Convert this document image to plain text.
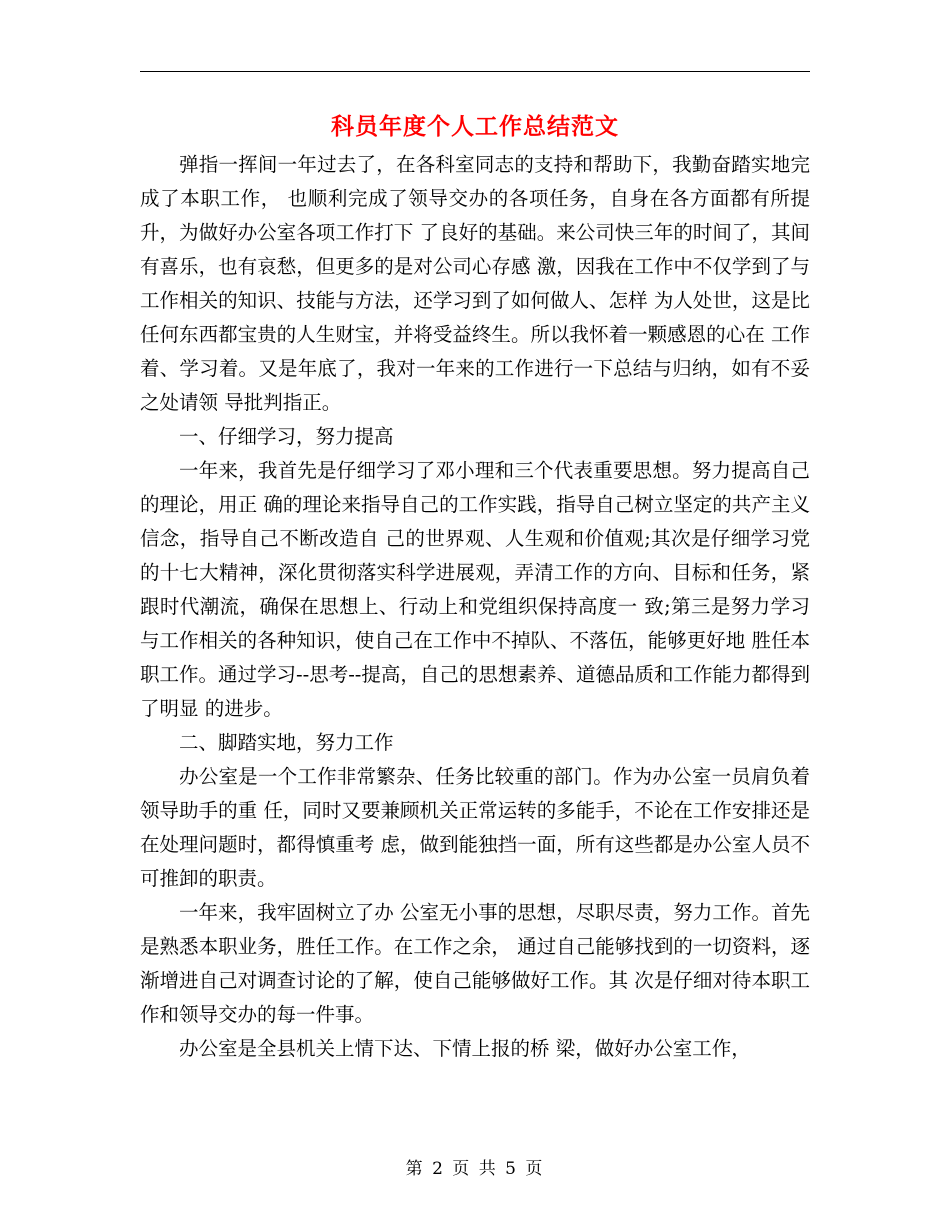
科员年度个人工作总结范文

弹指一挥间一年过去了，在各科室同志的支持和帮助下，我勤奋踏实地完成了本职工作， 也顺利完成了领导交办的各项任务，自身在各方面都有所提升，为做好办公室各项工作打下 了良好的基础。来公司快三年的时间了，其间有喜乐，也有哀愁，但更多的是对公司心存感 激，因我在工作中不仅学到了与工作相关的知识、技能与方法，还学习到了如何做人、怎样 为人处世，这是比任何东西都宝贵的人生财宝，并将受益终生。所以我怀着一颗感恩的心在 工作着、学习着。又是年底了，我对一年来的工作进行一下总结与归纳，如有不妥之处请领 导批判指正。

一、仔细学习，努力提高

一年来，我首先是仔细学习了邓小理和三个代表重要思想。努力提高自己的理论，用正 确的理论来指导自己的工作实践，指导自己树立坚定的共产主义信念，指导自己不断改造自 己的世界观、人生观和价值观;其次是仔细学习党的十七大精神，深化贯彻落实科学进展观，弄清工作的方向、目标和任务，紧跟时代潮流，确保在思想上、行动上和党组织保持高度一 致;第三是努力学习与工作相关的各种知识，使自己在工作中不掉队、不落伍，能够更好地 胜任本职工作。通过学习--思考--提高，自己的思想素养、道德品质和工作能力都得到了明显 的进步。

二、脚踏实地，努力工作

办公室是一个工作非常繁杂、任务比较重的部门。作为办公室一员肩负着领导助手的重 任，同时又要兼顾机关正常运转的多能手，不论在工作安排还是在处理问题时，都得慎重考 虑，做到能独挡一面，所有这些都是办公室人员不可推卸的职责。

一年来，我牢固树立了办 公室无小事的思想，尽职尽责，努力工作。首先是熟悉本职业务，胜任工作。在工作之余， 通过自己能够找到的一切资料，逐渐增进自己对调查讨论的了解，使自己能够做好工作。其 次是仔细对待本职工作和领导交办的每一件事。

办公室是全县机关上情下达、下情上报的桥 梁，做好办公室工作，

第 2 页 共 5 页
